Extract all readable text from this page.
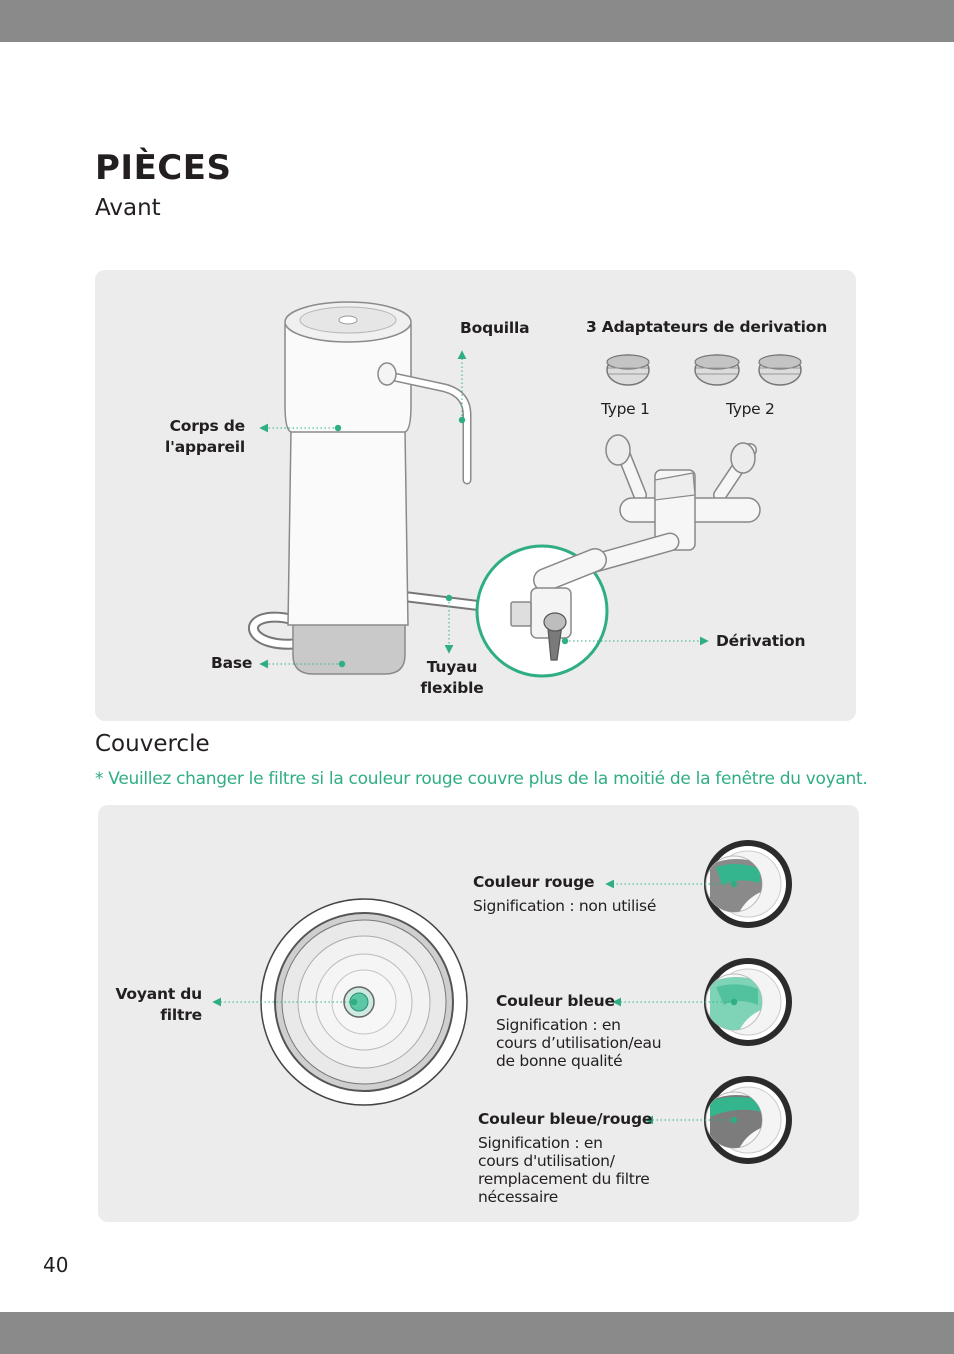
PIÈCES
Avant
Boquilla	3 Adaptateurs de derivation
Type 1	Type 2
Corps de
l'appareil
Dérivation
Base	Tuyau
flexible
Couvercle
* Veuillez changer le filtre si la couleur rouge couvre plus de la moitié de la fenêtre du voyant.
Voyant du
filtre
Couleur rouge
Signification : non utilisé
Couleur bleue
Signification : en
cours d’utilisation/eau
de bonne qualité
Couleur bleue/rouge
Signification : en
cours d'utilisation/
remplacement du filtre
nécessaire
40
